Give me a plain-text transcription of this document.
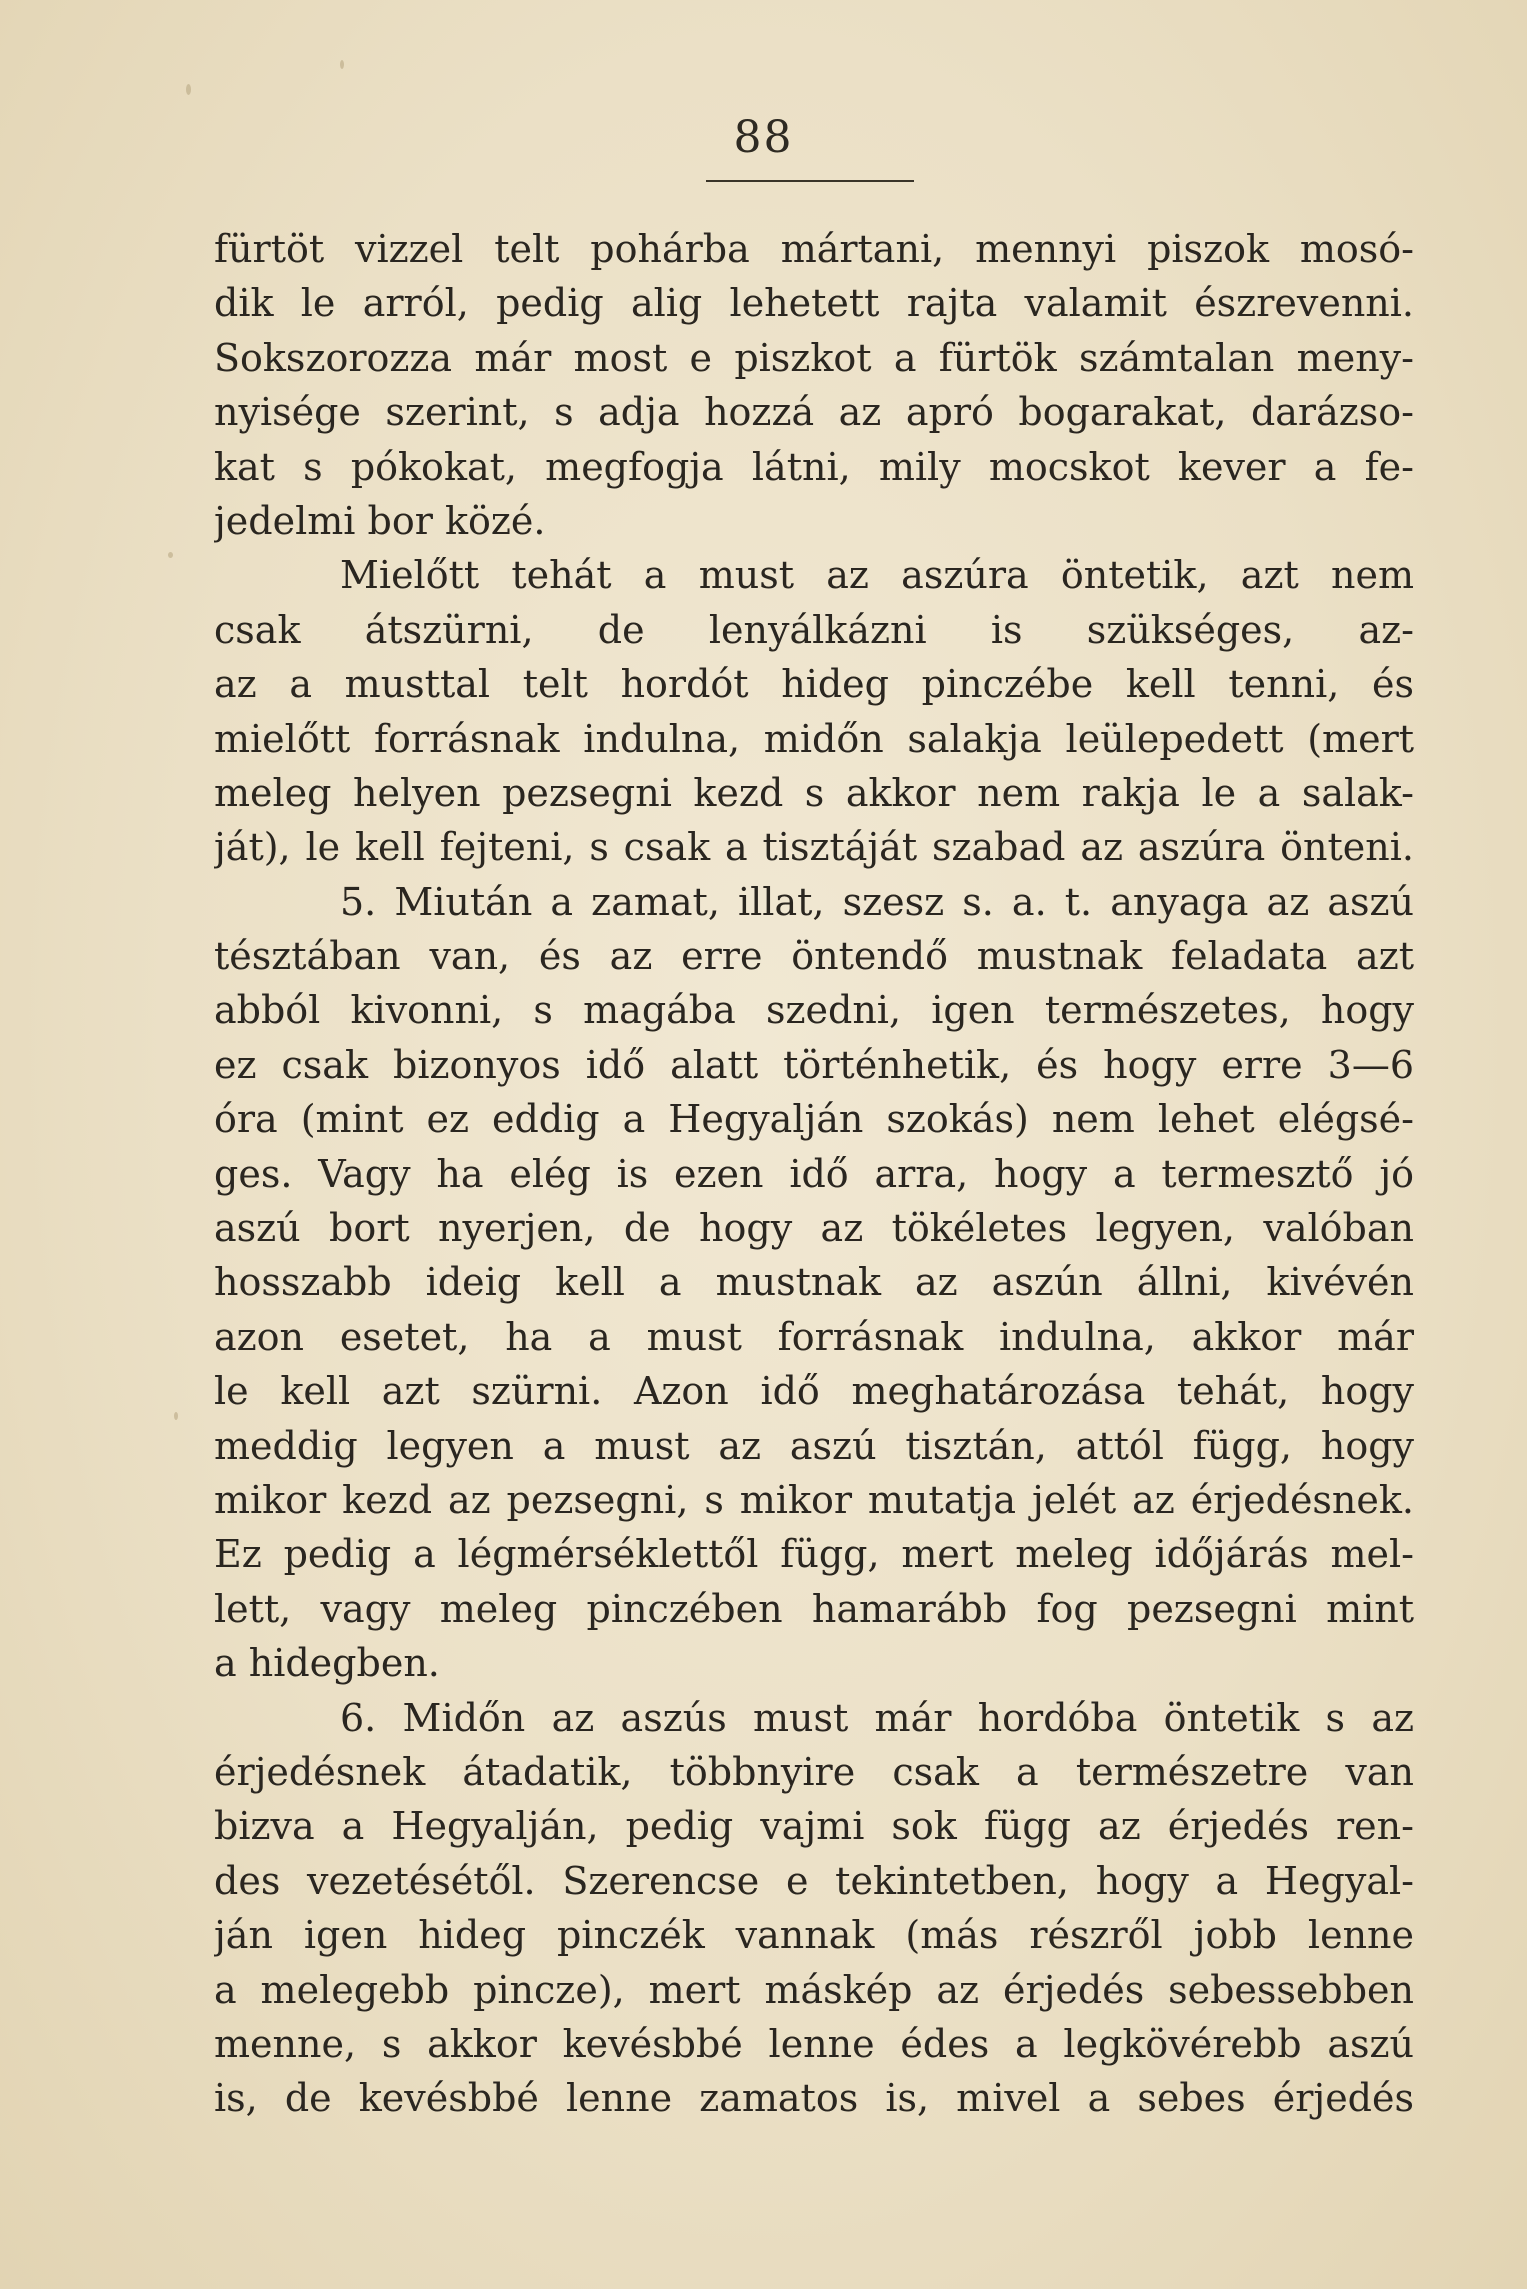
88
fürtöt vizzel telt pohárba mártani, mennyi piszok mosó-
dik le arról, pedig alig lehetett rajta valamit észrevenni.
Sokszorozza már most e piszkot a fürtök számtalan meny-
nyisége szerint, s adja hozzá az apró bogarakat, darázso-
kat s pókokat, megfogja látni, mily mocskot kever a fe-
jedelmi bor közé.
Mielőtt tehát a must az aszúra öntetik, azt nem
csak átszürni, de lenyálkázni is szükséges, az-
az a musttal telt hordót hideg pinczébe kell tenni, és
mielőtt forrásnak indulna, midőn salakja leülepedett (mert
meleg helyen pezsegni kezd s akkor nem rakja le a salak-
ját), le kell fejteni, s csak a tisztáját szabad az aszúra önteni.
5. Miután a zamat, illat, szesz s. a. t. anyaga az aszú
tésztában van, és az erre öntendő mustnak feladata azt
abból kivonni, s magába szedni, igen természetes, hogy
ez csak bizonyos idő alatt történhetik, és hogy erre 3—6
óra (mint ez eddig a Hegyalján szokás) nem lehet elégsé-
ges. Vagy ha elég is ezen idő arra, hogy a termesztő jó
aszú bort nyerjen, de hogy az tökéletes legyen, valóban
hosszabb ideig kell a mustnak az aszún állni, kivévén
azon esetet, ha a must forrásnak indulna, akkor már
le kell azt szürni. Azon idő meghatározása tehát, hogy
meddig legyen a must az aszú tisztán, attól függ, hogy
mikor kezd az pezsegni, s mikor mutatja jelét az érjedésnek.
Ez pedig a légmérséklettől függ, mert meleg időjárás mel-
lett, vagy meleg pinczében hamarább fog pezsegni mint
a hidegben.
6. Midőn az aszús must már hordóba öntetik s az
érjedésnek átadatik, többnyire csak a természetre van
bizva a Hegyalján, pedig vajmi sok függ az érjedés ren-
des vezetésétől. Szerencse e tekintetben, hogy a Hegyal-
ján igen hideg pinczék vannak (más részről jobb lenne
a melegebb pincze), mert máskép az érjedés sebessebben
menne, s akkor kevésbbé lenne édes a legkövérebb aszú
is, de kevésbbé lenne zamatos is, mivel a sebes érjedés
